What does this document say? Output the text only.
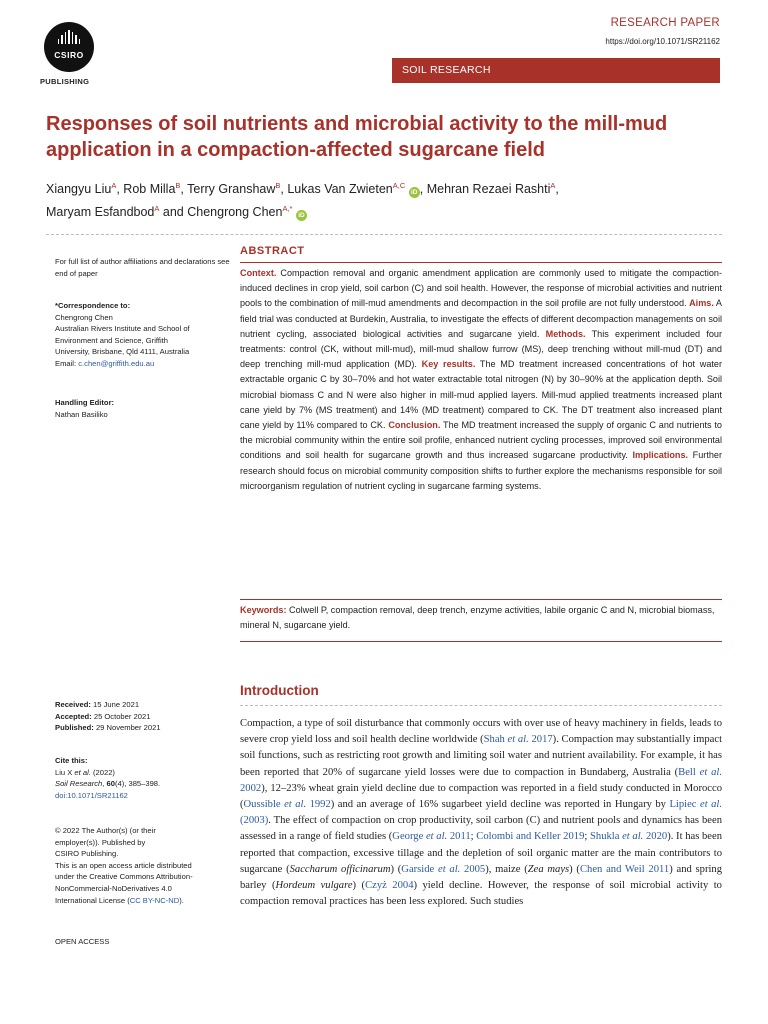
CSIRO
PUBLISHING
RESEARCH PAPER
https://doi.org/10.1071/SR21162
SOIL RESEARCH
Responses of soil nutrients and microbial activity to the mill-mud application in a compaction-affected sugarcane field
Xiangyu Liu$^A$, Rob Milla$^B$, Terry Granshaw$^B$, Lukas Van Zwieten$^{A,C}$ iD , Mehran Rezaei Rashti$^A$,
Maryam Esfandbod$^A$ and Chengrong Chen$^{A,*}$ iD
For full list of author affiliations and declarations see end of paper
*Correspondence to:
Chengrong Chen
Australian Rivers Institute and School of
Environment and Science, Griffith
University, Brisbane, Qld 4111, Australia
Email: c.chen@griffith.edu.au
Handling Editor:
Nathan Basiliko
Received: 15 June 2021
Accepted: 25 October 2021
Published: 29 November 2021
Cite this:
Liu X et al. (2022)
Soil Research, 60(4), 385–398.
doi:10.1071/SR21162
© 2022 The Author(s) (or their
employer(s)). Published by
CSIRO Publishing.
This is an open access article distributed
under the Creative Commons Attribution-
NonCommercial-NoDerivatives 4.0
International License (CC BY-NC-ND).
OPEN ACCESS
ABSTRACT
Context. Compaction removal and organic amendment application are commonly used to mitigate the compaction-induced declines in crop yield, soil carbon (C) and soil health. However, the response of microbial activities and nutrient pools to the combination of mill-mud amendments and decompaction in the soil profile are not fully understood. Aims. A field trial was conducted at Burdekin, Australia, to investigate the effects of different decompaction managements on soil nutrient cycling, associated biological activities and sugarcane yield. Methods. This experiment included four treatments: control (CK, without mill-mud), mill-mud shallow furrow (MS), deep trenching without mill-mud (DT) and deep trenching mill-mud application (MD). Key results. The MD treatment increased concentrations of hot water extractable organic C by 30–70% and hot water extractable total nitrogen (N) by 30–90% at the application depth. Soil microbial biomass C and N were also higher in mill-mud applied layers. Mill-mud applied treatments increased plant cane yield by 7% (MS treatment) and 14% (MD treatment) compared to CK. The DT treatment also increased plant cane yield by 11% compared to CK. Conclusion. The MD treatment increased the supply of organic C and nutrients to the microbial community within the entire soil profile, enhanced nutrient cycling processes, improved soil environmental conditions and soil health for sugarcane growth and thus increased sugarcane productivity. Implications. Further research should focus on microbial community composition shifts to further explore the mechanisms responsible for soil microorganism regulation of nutrient cycling in sugarcane farming systems.
Keywords: Colwell P, compaction removal, deep trench, enzyme activities, labile organic C and N, microbial biomass, mineral N, sugarcane yield.
Introduction
Compaction, a type of soil disturbance that commonly occurs with over use of heavy machinery in fields, leads to severe crop yield loss and soil health decline worldwide (Shah et al. 2017). Compaction may substantially impact soil functions, such as restricting root growth and limiting soil water and nutrient availability. For example, it has been reported that 20% of sugarcane yield losses were due to compaction in Bundaberg, Australia (Bell et al. 2002), 12–23% wheat grain yield decline due to compaction was reported in a field study conducted in Morocco (Oussible et al. 1992) and an average of 16% sugarbeet yield decline was reported in Hungary by Lipiec et al. (2003). The effect of compaction on crop productivity, soil carbon (C) and nutrient pools and dynamics has been assessed in a range of field studies (George et al. 2011; Colombi and Keller 2019; Shukla et al. 2020). It has been reported that compaction, excessive tillage and the depletion of soil organic matter are the main contributors to sugarcane (Saccharum officinarum) (Garside et al. 2005), maize (Zea mays) (Chen and Weil 2011) and spring barley (Hordeum vulgare) (Czyż 2004) yield decline. However, the response of soil microbial activity to compaction removal practices has been less explored. Such studies
